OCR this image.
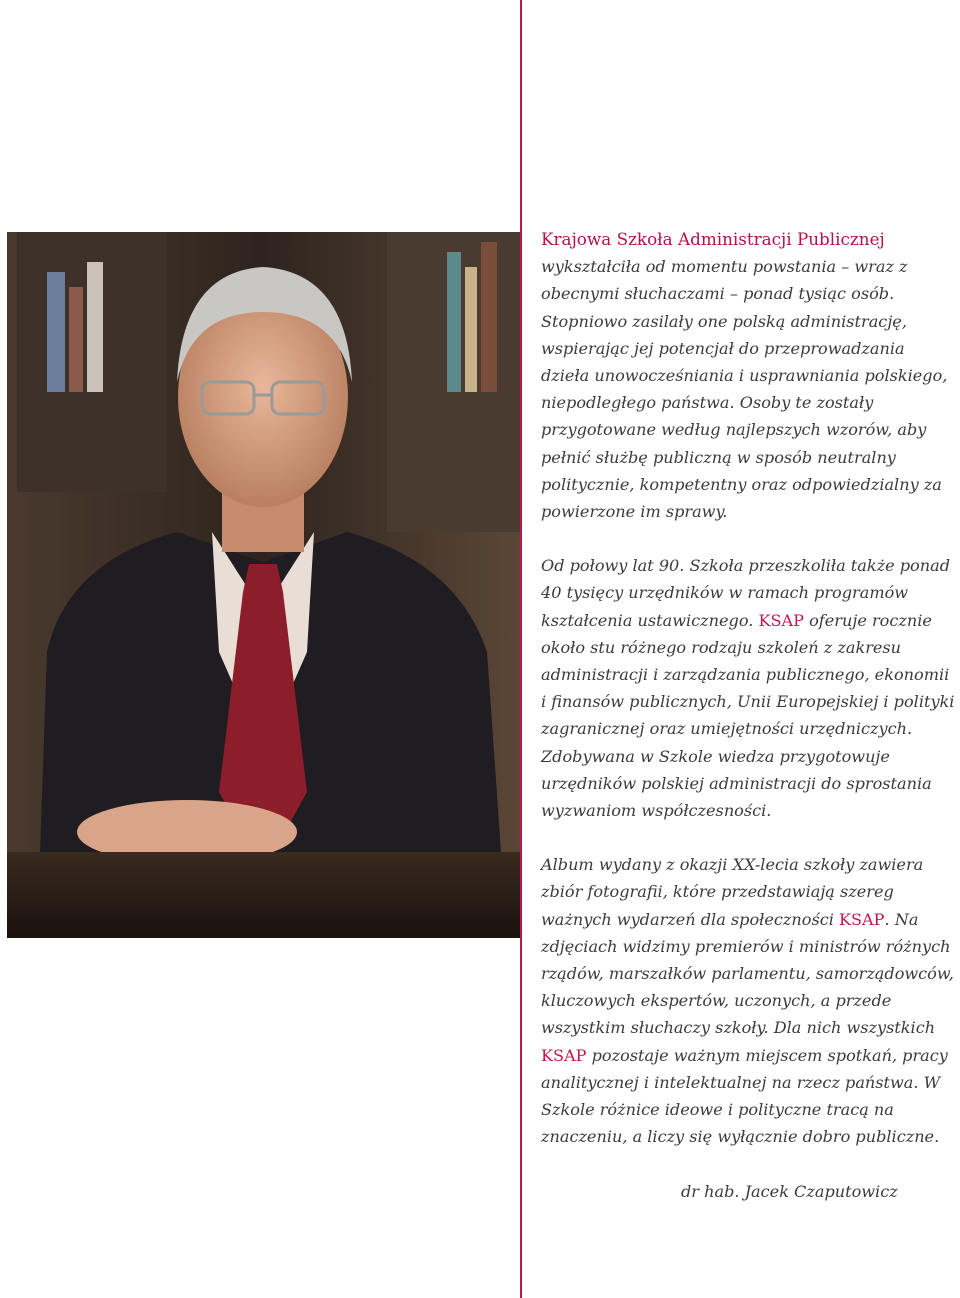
Krajowa Szkoła Administracji Publicznej
wykształciła od momentu powstania – wraz z obecnymi słuchaczami – ponad tysiąc osób. Stopniowo zasilały one polską administrację, wspierając jej potencjał do przeprowadzania dzieła unowocześniania i usprawniania polskiego, niepodległego państwa. Osoby te zostały przygotowane według najlepszych wzorów, aby pełnić służbę publiczną w sposób neutralny politycznie, kompetentny oraz odpowiedzialny za powierzone im sprawy.

Od połowy lat 90. Szkoła przeszkoliła także ponad 40 tysięcy urzędników w ramach programów kształcenia ustawicznego. KSAP oferuje rocznie około stu różnego rodzaju szkoleń z zakresu administracji i zarządzania publicznego, ekonomii i finansów publicznych, Unii Europejskiej i polityki zagranicznej oraz umiejętności urzędniczych. Zdobywana w Szkole wiedza przygotowuje urzędników polskiej administracji do sprostania wyzwaniom współczesności.

Album wydany z okazji XX-lecia szkoły zawiera zbiór fotografii, które przedstawiają szereg ważnych wydarzeń dla społeczności KSAP. Na zdjęciach widzimy premierów i ministrów różnych rządów, marszałków parlamentu, samorządowców, kluczowych ekspertów, uczonych, a przede wszystkim słuchaczy szkoły. Dla nich wszystkich KSAP pozostaje ważnym miejscem spotkań, pracy analitycznej i intelektualnej na rzecz państwa. W Szkole różnice ideowe i polityczne tracą na znaczeniu, a liczy się wyłącznie dobro publiczne.

dr hab. Jacek Czaputowicz
